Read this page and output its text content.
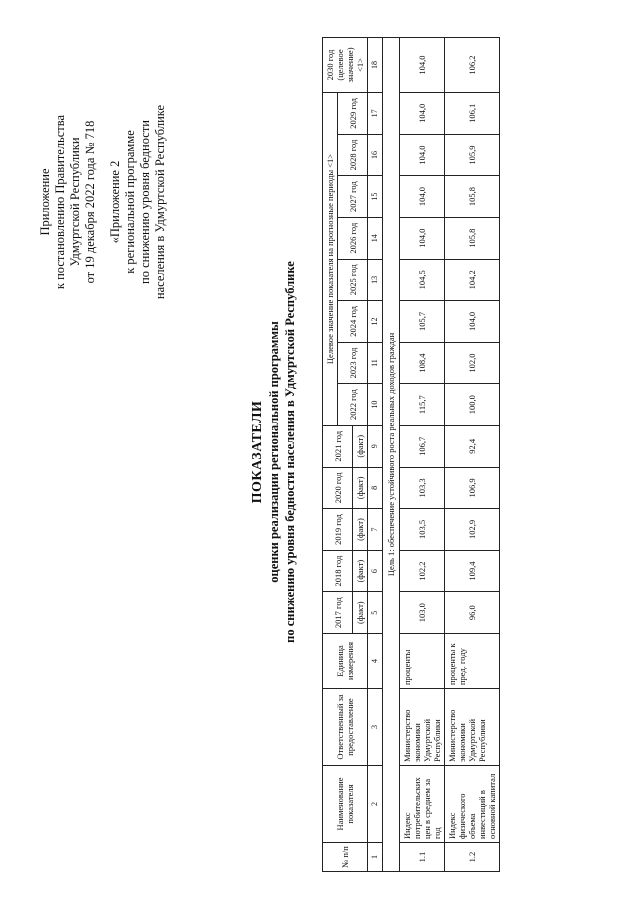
Приложение к постановлению Правительства Удмуртской Республики от 19 декабря 2022 года № 718 «Приложение 2 к региональной программе по снижению уровня бедности населения в Удмуртской Республике
ПОКАЗАТЕЛИ оценки реализации региональной программы по снижению уровня бедности населения в Удмуртской Республике
№ п/п	Наименование показателя	Ответственный за предоставление	Единица измерения	2017 год	2018 год	2019 год	2020 год	2021 год	Целевое значение показателя на прогнозные периоды <1>								2030 год (целевое значение) <1>
									2022 год	2023 год	2024 год	2025 год	2026 год	2027 год	2028 год	2029 год	
				(факт)	(факт)	(факт)	(факт)	(факт)									
1	2	3	4	5	6	7	8	9	10	11	12	13	14	15	16	17	18
Цель 1: обеспечение устойчивого роста реальных доходов граждан																	
1.1	Индекс потребительских цен в среднем за год	Министерство экономики Удмуртской Республики	проценты	103,0	102,2	103,5	103,3	106,7	115,7	108,4	105,7	104,5	104,0	104,0	104,0	104,0	104,0
1.2	Индекс физического объема инвестиций в основной капитал	Министерство экономики Удмуртской Республики	проценты к пред. году	96,0	109,4	102,9	106,9	92,4	100,0	102,0	104,0	104,2	105,8	105,8	105,9	106,1	106,2
